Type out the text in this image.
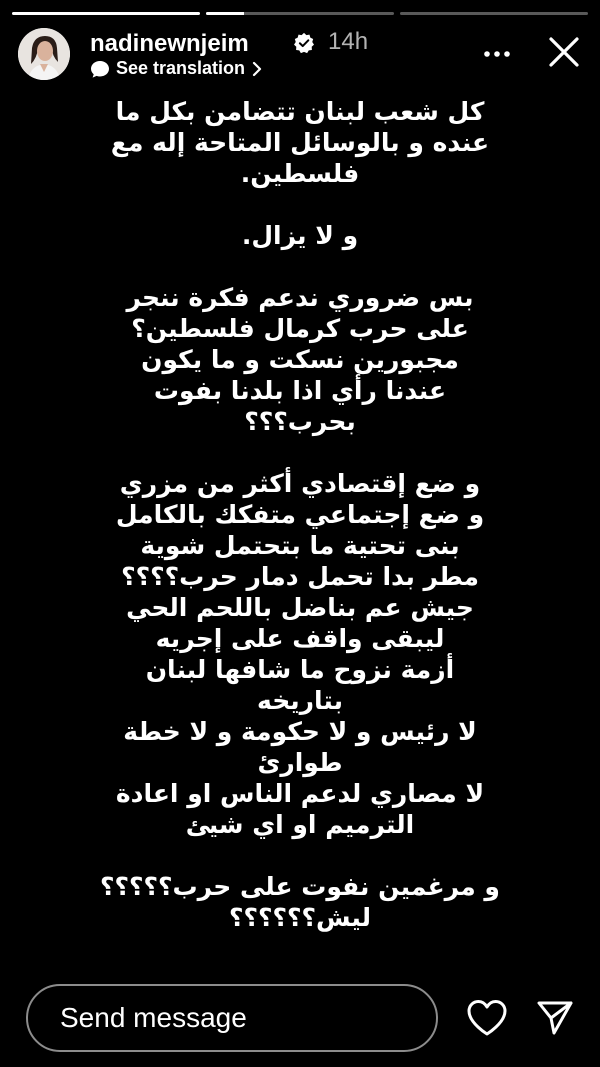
nadinewnjeim	14h
See translation

كل شعب لبنان تتضامن بكل ما
عنده و بالوسائل المتاحة إله مع
فلسطين.

و لا يزال.

بس ضروري ندعم فكرة ننجر
على حرب كرمال فلسطين؟
مجبورين نسكت و ما يكون
عندنا رأي اذا بلدنا بفوت
بحرب؟؟؟

و ضع إقتصادي أكثر من مزري
و ضع إجتماعي متفكك بالكامل
بنى تحتية ما بتحتمل شوية
مطر بدا تحمل دمار حرب؟؟؟؟
جيش عم بناضل باللحم الحي
ليبقى واقف على إجريه
أزمة نزوح ما شافها لبنان
بتاريخه
لا رئيس و لا حكومة و لا خطة
طوارئ
لا مصاري لدعم الناس او اعادة
الترميم او اي شيئ

و مرغمين نفوت على حرب؟؟؟؟؟
ليش؟؟؟؟؟؟

Send message
